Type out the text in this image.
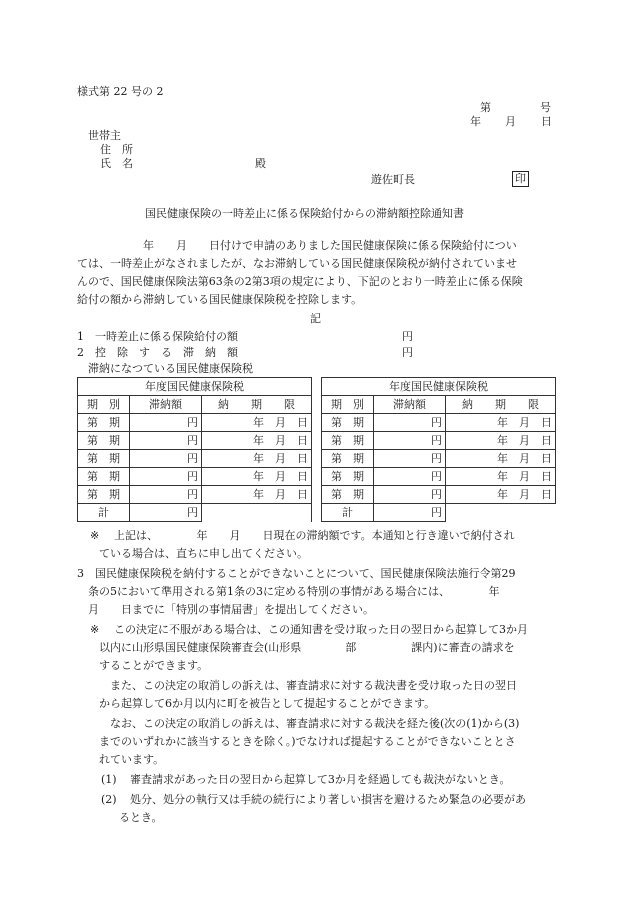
様式第 22 号の 2
第	号
年 月 日
世帯主
住　所
氏　名	殿
遊佐町長	印
国民健康保険の一時差止に係る保険給付からの滞納額控除通知書
　　　　　　年　　月　　日付けで申請のありました国民健康保険に係る保険給付につい
ては、一時差止がなされましたが、なお滞納している国民健康保険税が納付されていませ
んので、国民健康保険法第63条の2第3項の規定により、下記のとおり一時差止に係る保険
給付の額から滞納している国民健康保険税を控除します。
記
1　一時差止に係る保険給付の額	円
2　控　除　す　る　滞　納　額	円
滞納になつている国民健康保険税
年度国民健康保険税				年度国民健康保険税		
期　別	滞納額	納　　期　　限		期　別	滞納額	納　　期　　限
第　期	円	年　月　日		第　期	円	年　月　日
第　期	円	年　月　日		第　期	円	年　月　日
第　期	円	年　月　日		第　期	円	年　月　日
第　期	円	年　月　日		第　期	円	年　月　日
第　期	円	年　月　日		第　期	円	年　月　日
計	円			計	円	
※ 上記は、　　　　年　　月　　日現在の滞納額です。本通知と行き違いで納付され
ている場合は、直ちに申し出てください。
3　国民健康保険税を納付することができないことについて、国民健康保険法施行令第29
条の5において準用される第1条の3に定める特別の事情がある場合には、　　　　年
月　　日までに「特別の事情届書」を提出してください。
※ この決定に不服がある場合は、この通知書を受け取った日の翌日から起算して3か月
以内に山形県国民健康保険審査会(山形県　　　　部　　　　　課内)に審査の請求を
することができます。
また、この決定の取消しの訴えは、審査請求に対する裁決書を受け取った日の翌日
から起算して6か月以内に町を被告として提起することができます。
なお、この決定の取消しの訴えは、審査請求に対する裁決を経た後(次の(1)から(3)
までのいずれかに該当するときを除く。)でなければ提起することができないこととさ
れています。
(1) 審査請求があった日の翌日から起算して3か月を経過しても裁決がないとき。
(2) 処分、処分の執行又は手続の続行により著しい損害を避けるため緊急の必要があ
るとき。
